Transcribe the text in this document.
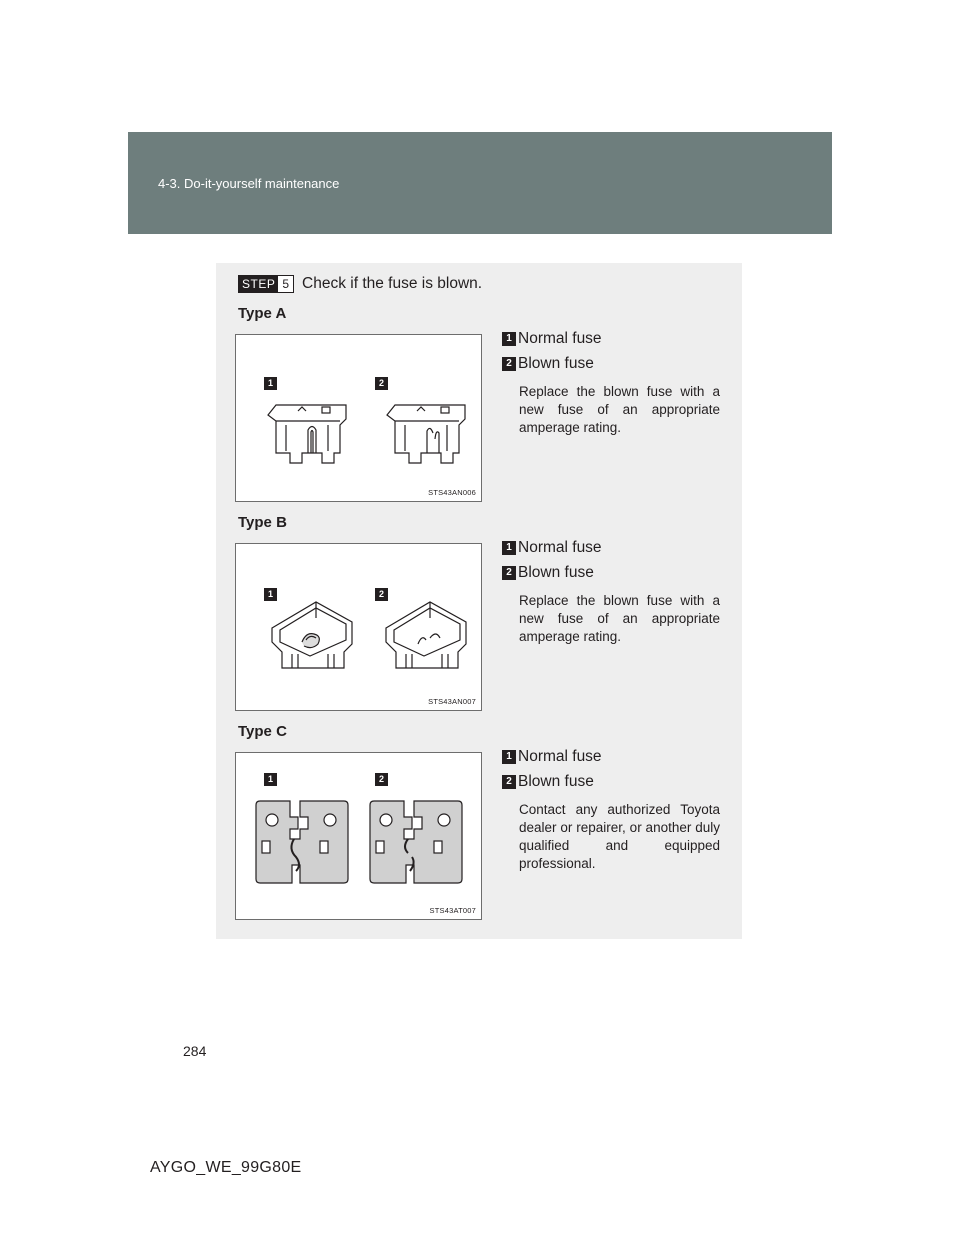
4-3. Do-it-yourself maintenance
STEP 5 Check if the fuse is blown.
Type A
1	2
STS43AN006
1 Normal fuse
2 Blown fuse
Replace the blown fuse with a new fuse of an appropriate amperage rating.
Type B
1	2
STS43AN007
1 Normal fuse
2 Blown fuse
Replace the blown fuse with a new fuse of an appropriate amperage rating.
Type C
1	2
STS43AT007
1 Normal fuse
2 Blown fuse
Contact any authorized Toyota dealer or repairer, or another duly qualified and equipped professional.
284
AYGO_WE_99G80E
